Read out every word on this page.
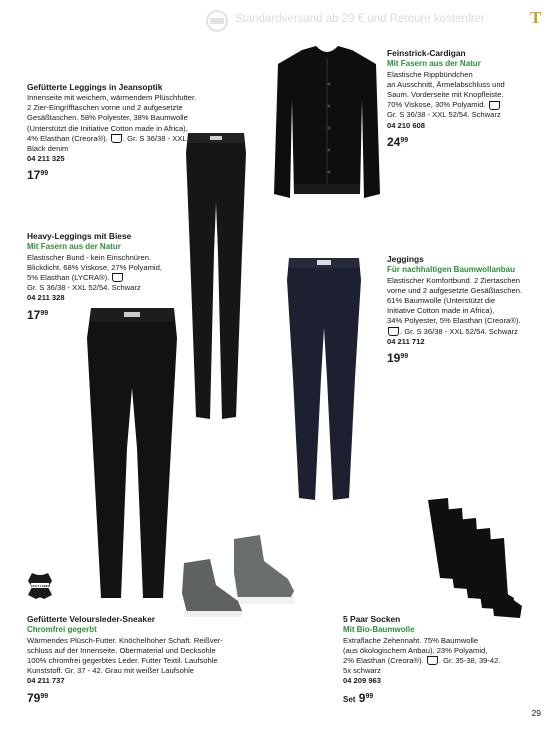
Standardversand ab 29 € und Retoure kostenfrei	T
ECHT LEDER
Gefütterte Leggings in Jeansoptik
Innenseite mit weichem, wärmendem Plüschfutter.
2 Zier-Eingrifftaschen vorne und 2 aufgesetzte
Gesäßtaschen. 58% Polyester, 38% Baumwolle
(Unterstützt die Initiative Cotton made in Africa),
4% Elasthan (Creora®). . Gr. S 36/38 - XXL 52/54.
Black denim
04 211 325
$17^{99}$
Heavy-Leggings mit Biese
Mit Fasern aus der Natur
Elastischer Bund - kein Einschnüren.
Blickdicht. 68% Viskose, 27% Polyamid,
5% Elasthan (LYCRA®).
Gr. S 36/38 - XXL 52/54. Schwarz
04 211 328
$17^{99}$
Feinstrick-Cardigan
Mit Fasern aus der Natur
Elastische Rippbündchen
an Ausschnitt, Ärmelabschluss und
Saum. Vorderseite mit Knopfleiste.
70% Viskose, 30% Polyamid.
Gr. S 36/38 - XXL 52/54. Schwarz
04 210 608
$24^{99}$
Jeggings
Für nachhaltigen Baumwollanbau
Elastischer Komfortbund. 2 Ziertaschen
vorne und 2 aufgesetzte Gesäßtaschen.
61% Baumwolle (Unterstützt die
Initiative Cotton made in Africa),
34% Polyester, 5% Elasthan (Creora®).
. Gr. S 36/38 - XXL 52/54. Schwarz
04 211 712
$19^{99}$
Gefütterte Veloursleder-Sneaker
Chromfrei gegerbt
Wärmendes Plüsch-Futter. Knöchelhoher Schaft. Reißver-
schluss auf der Innenseite. Obermaterial und Decksohle
100% chromfrei gegerbtes Leder. Futter Textil. Laufsohle
Kunststoff. Gr. 37 - 42. Grau mit weißer Laufsohle
04 211 737
$79^{99}$
5 Paar Socken
Mit Bio-Baumwolle
Extraflache Zehennaht. 75% Baumwolle
(aus ökologischem Anbau), 23% Polyamid,
2% Elasthan (Creora®). . Gr. 35-38, 39-42.
5x schwarz
04 209 963
Set $9^{99}$
29
